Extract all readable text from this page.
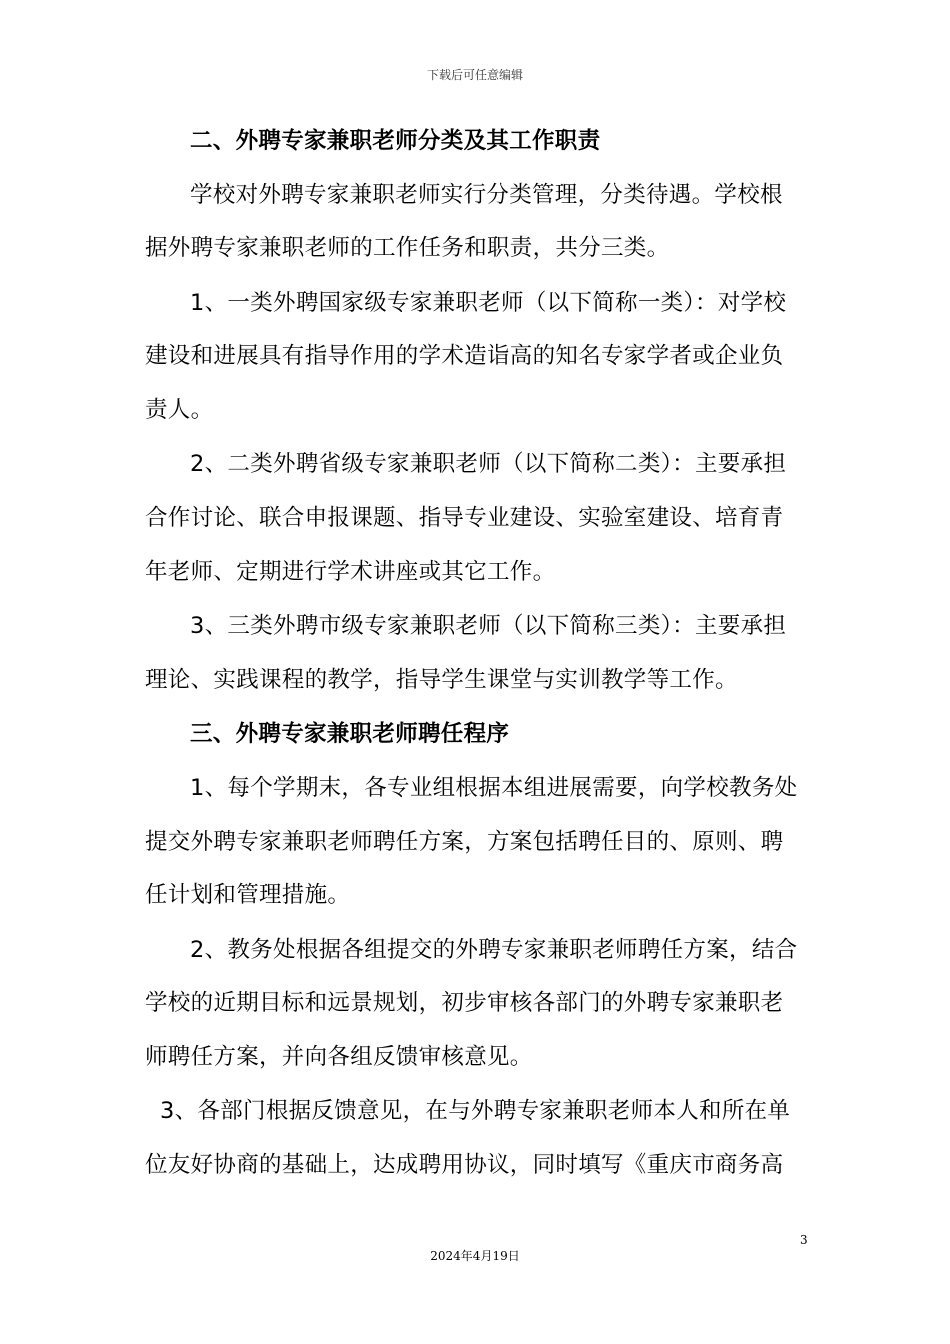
下载后可任意编辑
二、外聘专家兼职老师分类及其工作职责
学校对外聘专家兼职老师实行分类管理，分类待遇。学校根
据外聘专家兼职老师的工作任务和职责，共分三类。
1、一类外聘国家级专家兼职老师（以下简称一类）：对学校
建设和进展具有指导作用的学术造诣高的知名专家学者或企业负
责人。
2、二类外聘省级专家兼职老师（以下简称二类）：主要承担
合作讨论、联合申报课题、指导专业建设、实验室建设、培育青
年老师、定期进行学术讲座或其它工作。
3、三类外聘市级专家兼职老师（以下简称三类）：主要承担
理论、实践课程的教学，指导学生课堂与实训教学等工作。
三、外聘专家兼职老师聘任程序
1、每个学期末，各专业组根据本组进展需要，向学校教务处
提交外聘专家兼职老师聘任方案，方案包括聘任目的、原则、聘
任计划和管理措施。
2、教务处根据各组提交的外聘专家兼职老师聘任方案，结合
学校的近期目标和远景规划，初步审核各部门的外聘专家兼职老
师聘任方案，并向各组反馈审核意见。
3、各部门根据反馈意见，在与外聘专家兼职老师本人和所在单
位友好协商的基础上，达成聘用协议，同时填写《重庆市商务高
3
2024年4月19日
